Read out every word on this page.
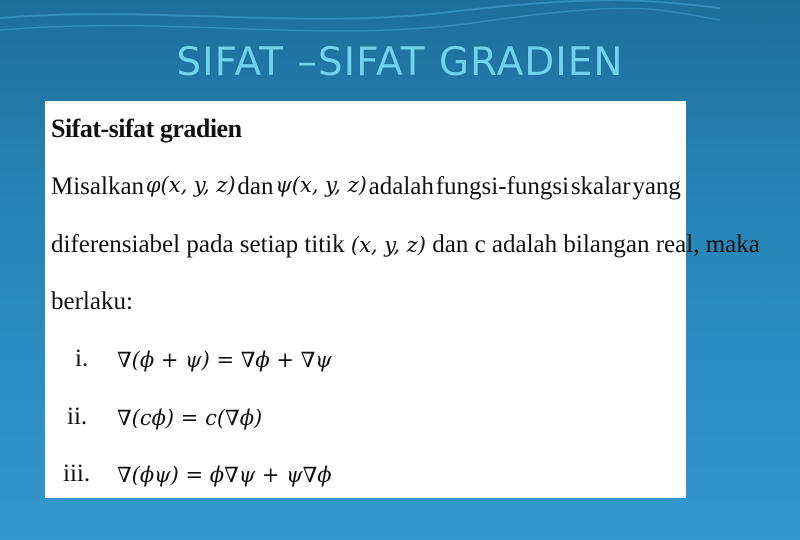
SIFAT –SIFAT GRADIEN
Sifat-sifat gradien
Misalkan φ(x, y, z) dan ψ(x, y, z) adalah fungsi-fungsi skalar yang
diferensiabel pada setiap titik (x, y, z) dan c adalah bilangan real, maka
berlaku:
i. ∇(ϕ + ψ) = ∇ϕ + ∇ψ
ii. ∇(cϕ) = c(∇ϕ)
iii. ∇(ϕψ) = ϕ∇ψ + ψ∇ϕ
